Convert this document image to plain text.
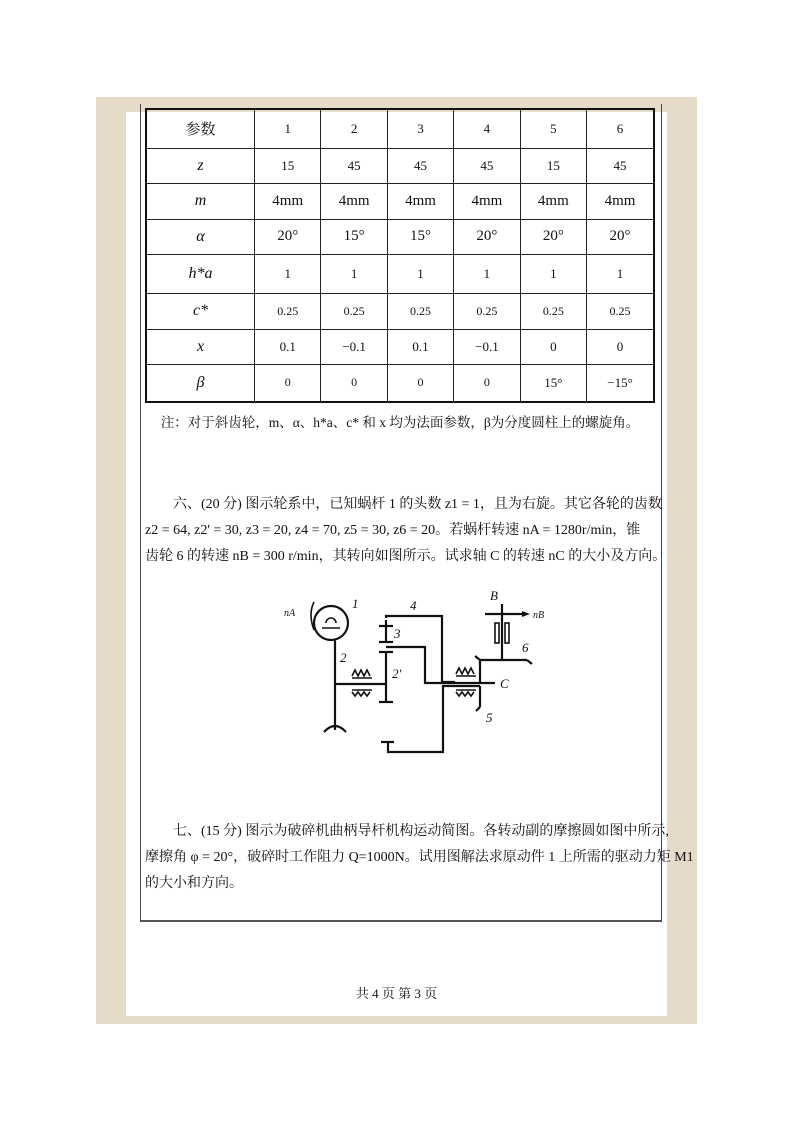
参数	1	2	3	4	5	6
z	15	45	45	45	15	45
m	4mm	4mm	4mm	4mm	4mm	4mm
α	20°	15°	15°	20°	20°	20°
h*a	1	1	1	1	1	1
c*	0.25	0.25	0.25	0.25	0.25	0.25
x	0.1	−0.1	0.1	−0.1	0	0
β	0	0	0	0	15°	−15°
注：对于斜齿轮，m、α、h*a、c* 和 x 均为法面参数，β为分度圆柱上的螺旋角。
六、(20 分) 图示轮系中，已知蜗杆 1 的头数 z1 = 1，且为右旋。其它各轮的齿数
z2 = 64, z2' = 30, z3 = 20, z4 = 70, z5 = 30, z6 = 20。若蜗杆转速 nA = 1280r/min，锥
齿轮 6 的转速 nB = 300 r/min，其转向如图所示。试求轴 C 的转速 nC 的大小及方向。
1
2
2'
3
4
5
6
B
C
nA	nB
七、(15 分) 图示为破碎机曲柄导杆机构运动简图。各转动副的摩擦圆如图中所示,
摩擦角 φ = 20°，破碎时工作阻力 Q=1000N。试用图解法求原动件 1 上所需的驱动力矩 M1
的大小和方向。
共 4 页 第 3 页
